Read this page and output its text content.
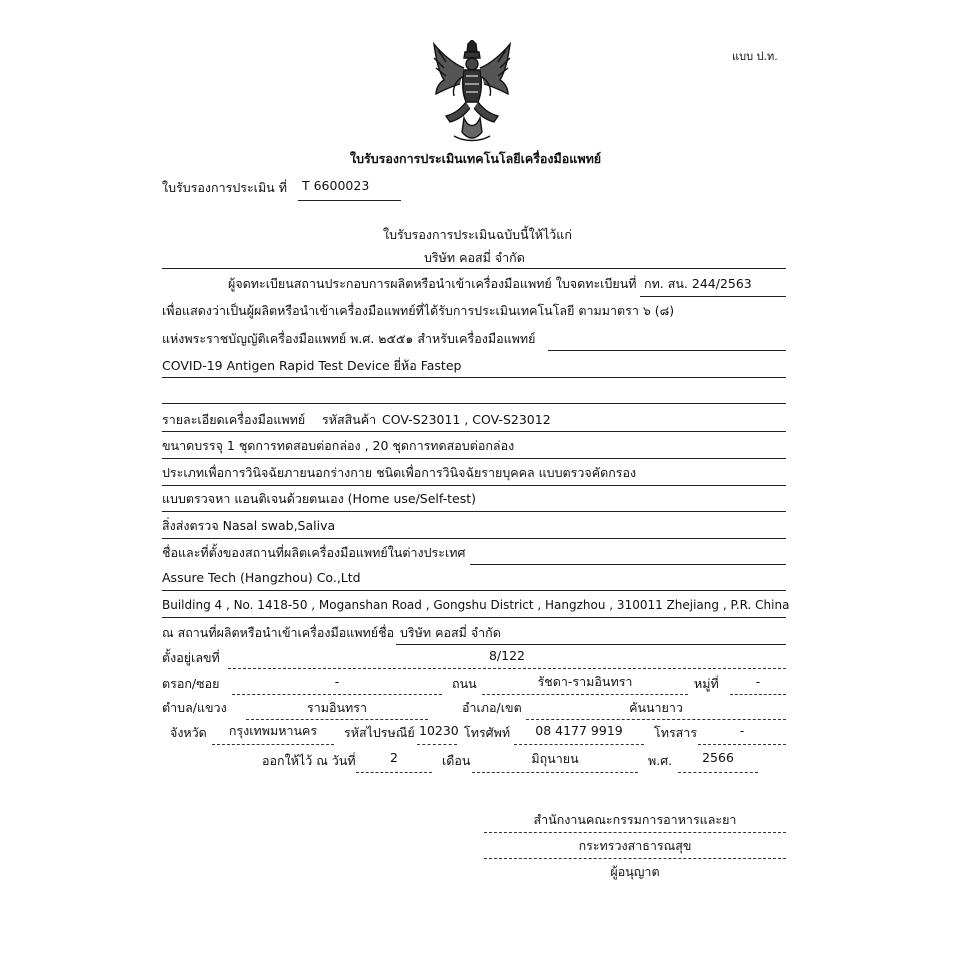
แบบ ป.ท.
ใบรับรองการประเมินเทคโนโลยีเครื่องมือแพทย์
ใบรับรองการประเมิน ที่ T 6600023
ใบรับรองการประเมินฉบับนี้ให้ไว้แก่
บริษัท คอสมี่ จำกัด
ผู้จดทะเบียนสถานประกอบการผลิตหรือนำเข้าเครื่องมือแพทย์ ใบจดทะเบียนที่ กท. สน. 244/2563
เพื่อแสดงว่าเป็นผู้ผลิตหรือนำเข้าเครื่องมือแพทย์ที่ได้รับการประเมินเทคโนโลยี ตามมาตรา ๖ (๘)
แห่งพระราชบัญญัติเครื่องมือแพทย์ พ.ศ. ๒๕๕๑ สำหรับเครื่องมือแพทย์
COVID-19 Antigen Rapid Test Device ยี่ห้อ Fastep
รายละเอียดเครื่องมือแพทย์ รหัสสินค้า COV-S23011 , COV-S23012
ขนาดบรรจุ 1 ชุดการทดสอบต่อกล่อง , 20 ชุดการทดสอบต่อกล่อง
ประเภทเพื่อการวินิจฉัยภายนอกร่างกาย ชนิดเพื่อการวินิจฉัยรายบุคคล แบบตรวจคัดกรอง
แบบตรวจหา แอนติเจนด้วยตนเอง (Home use/Self-test)
สิ่งส่งตรวจ Nasal swab,Saliva
ชื่อและที่ตั้งของสถานที่ผลิตเครื่องมือแพทย์ในต่างประเทศ
Assure Tech (Hangzhou) Co.,Ltd
Building 4 , No. 1418-50 , Moganshan Road , Gongshu District , Hangzhou , 310011 Zhejiang , P.R. China
ณ สถานที่ผลิตหรือนำเข้าเครื่องมือแพทย์ชื่อ บริษัท คอสมี่ จำกัด
ตั้งอยู่เลขที่	8/122
ตรอก/ซอย	-	ถนน	รัชดา-รามอินทรา	หมู่ที่	-
ตำบล/แขวง	รามอินทรา	อำเภอ/เขต	คันนายาว
จังหวัด	กรุงเทพมหานคร	รหัสไปรษณีย์ 10230 โทรศัพท์	08 4177 9919	โทรสาร	-
ออกให้ไว้ ณ วันที่	2	เดือน	มิถุนายน	พ.ศ.	2566
สำนักงานคณะกรรมการอาหารและยา
กระทรวงสาธารณสุข
ผู้อนุญาต
